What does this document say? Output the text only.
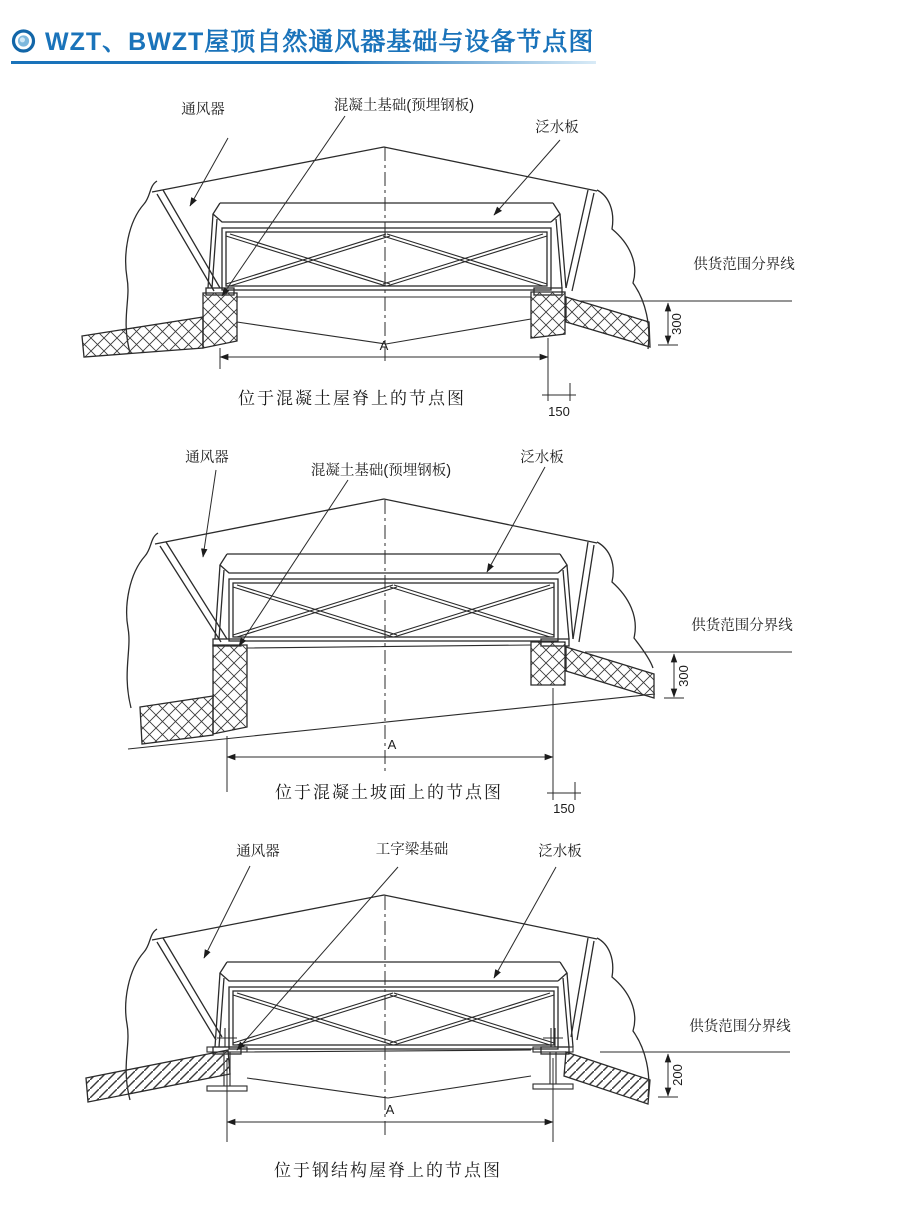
WZT、BWZT屋顶自然通风器基础与设备节点图
300
A
150
通风器	混凝土基础(预埋钢板)
泛水板
供货范围分界线
位于混凝土屋脊上的节点图
300
A
150
通风器
混凝土基础(预埋钢板)
泛水板
供货范围分界线
位于混凝土坡面上的节点图
200
A
通风器	工字梁基础	泛水板
供货范围分界线
位于钢结构屋脊上的节点图
